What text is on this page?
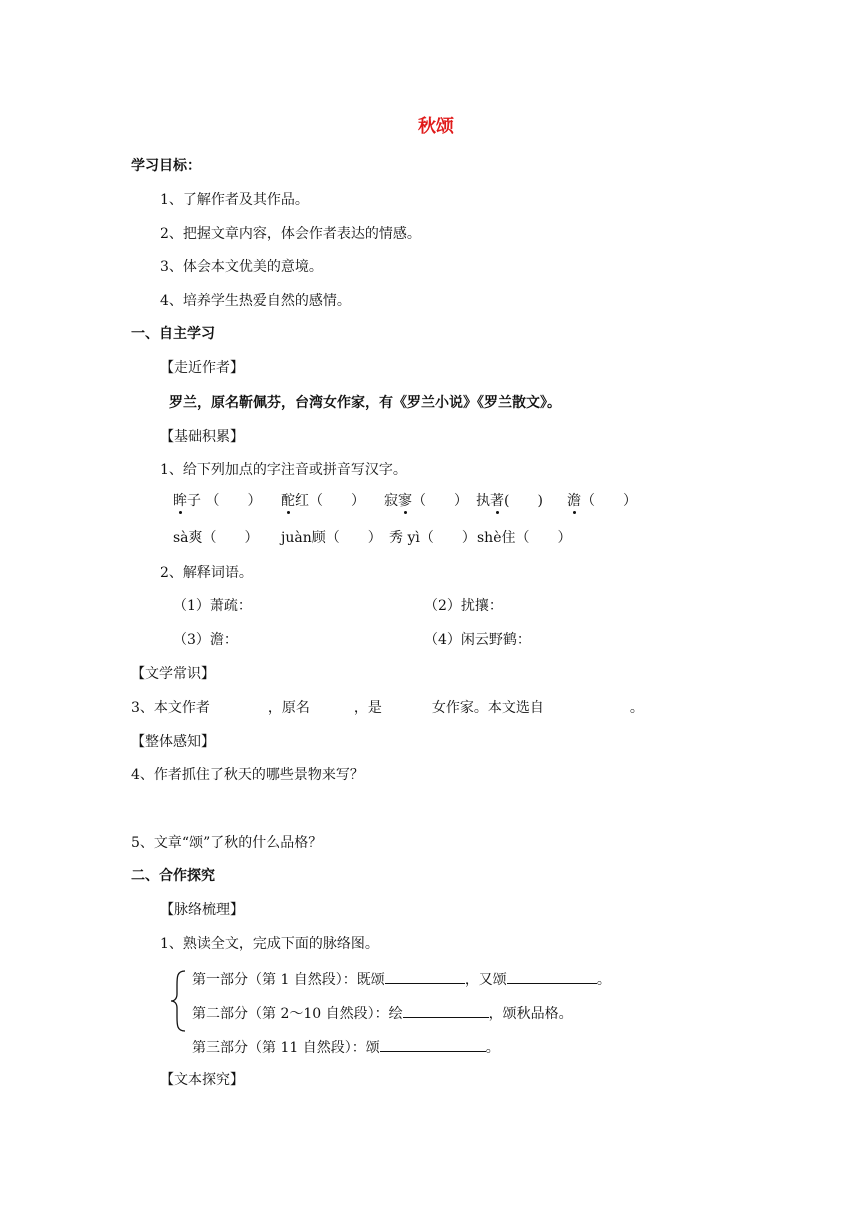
秋颂
学习目标：
1、了解作者及其作品。
2、把握文章内容，体会作者表达的情感。
3、体会本文优美的意境。
4、培养学生热爱自然的感情。
一、自主学习
【走近作者】
罗兰，原名靳佩芬，台湾女作家，有《罗兰小说》《罗兰散文》。
【基础积累】
1、给下列加点的字注音或拼音写汉字。
眸子 （　　） 酡红（　　） 寂寥（　　） 执著(　　) 澹（　　）
sà爽（　　） juàn顾（　　） 秀 yì（　　） shè住（　　）
2、解释词语。
（1）萧疏：	（2）扰攘：
（3）澹：	（4）闲云野鹤：
【文学常识】
3、本文作者	，原名	，是	女作家。本文选自	。
【整体感知】
4、作者抓住了秋天的哪些景物来写？
5、文章“颂”了秋的什么品格？
二、合作探究
【脉络梳理】
1、熟读全文，完成下面的脉络图。
第一部分（第 1 自然段）：既颂	，又颂	。
第二部分（第 2～10 自然段）：绘	，颂秋品格。
第三部分（第 11 自然段）：颂	。
【文本探究】
